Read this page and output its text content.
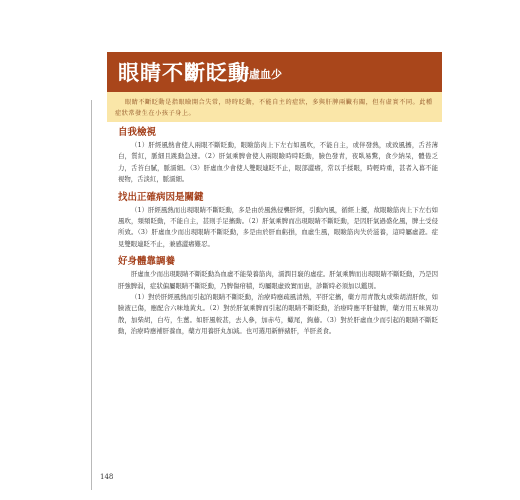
眼睛不斷眨動
肝虛血少

眼睛不斷眨動是指眼瞼開合失常，時時眨動，不能自主的症狀，多與肝脾兩臟有關，但有虛實不同。此種症狀常發生在小孩子身上。

自我檢視

（1）肝經風熱會使人兩眼不斷眨動，眼瞼筋肉上下左右如風吹，不能自主，或伴發熱，或致風搐，舌苔薄白，質紅，脈細且跳動急速。（2）肝氣乘脾會使人兩眼瞼時時眨動，臉色發青，夜臥易驚，食少納呆，體倦乏力，舌苔白膩，脈濡細。（3）肝虛血少會使人雙眼連眨不止，眼部澀癢，常以手揉眼，時輕時重，甚者入暮不能視物，舌淡紅，脈濡細。

找出正確病因是關鍵

（1）肝經風熱而出現眼睛不斷眨動，多是由於風熱侵襲肝經，引動內風，循經上擾，故眼瞼筋肉上下左右如風吹，頻頻眨動，不能自主，甚則手足搐動。（2）肝氣乘脾而出現眼睛不斷眨動，是因肝氣過盛化風，脾土受侵所致。（3）肝虛血少而出現眼睛不斷眨動，多是由於肝血虧損，血虛生風，眼瞼筋肉失於滋養，這時屬虛證。症見雙眼連眨不止，兼感澀癢難忍。

好身體靠調養

肝虛血少而出現眼睛不斷眨動為血虛不能榮養筋肉，濡潤目竅的虛症。肝氣乘脾而出現眼睛不斷眨動，乃是因肝強脾弱，症狀偏屬眼睛不斷眨動，乃脾傷疳積，均屬眼虛致實而患，診斷時必須加以鑑別。

（1）對於肝經風熱而引起的眼睛不斷眨動，治療時應疏風清熱，平肝定搐，藥方用青散丸或柴胡清肝飲，如臉液已傷，應配合六味地黃丸。（2）對於肝氣乘脾而引起的眼睛不斷眨動，治療時應平肝健脾，藥方用五味異功散，加柴胡，白芍，生薑。如肝風較甚，去人參，加赤芍，蠍尾，鉤藤。（3）對於肝虛血少而引起的眼睛不斷眨動，治療時應補肝養血，藥方用養肝丸加減。也可選用新鮮豬肝，羊肝煮食。

148
